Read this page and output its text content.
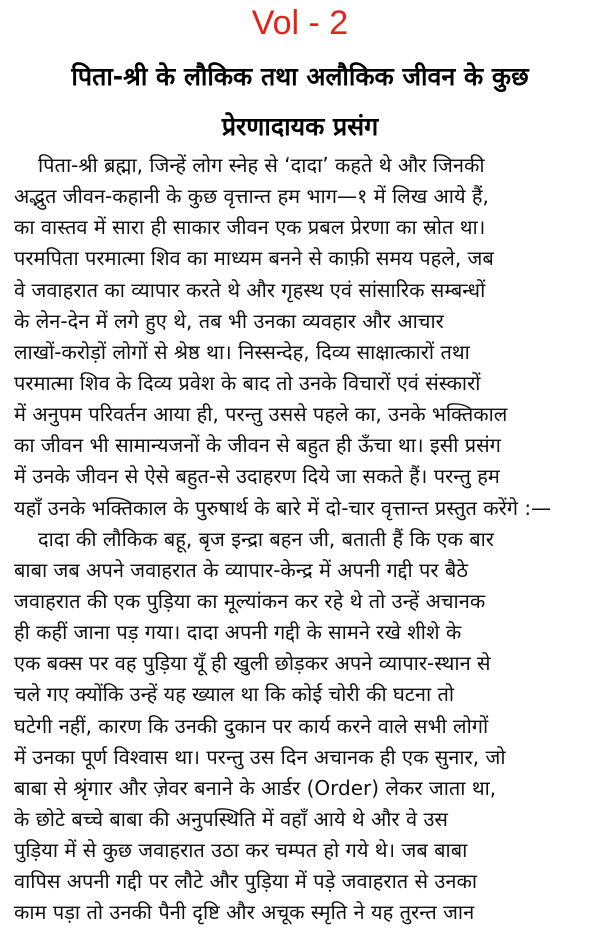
Vol - 2
पिता-श्री के लौकिक तथा अलौकिक जीवन के कुछ
प्रेरणादायक प्रसंग
पिता-श्री ब्रह्मा, जिन्हें लोग स्नेह से ‘दादा’ कहते थे और जिनकी
अद्भुत जीवन-कहानी के कुछ वृत्तान्त हम भाग—१ में लिख आये हैं,
का वास्तव में सारा ही साकार जीवन एक प्रबल प्रेरणा का स्रोत था।
परमपिता परमात्मा शिव का माध्यम बनने से काफ़ी समय पहले, जब
वे जवाहरात का व्यापार करते थे और गृहस्थ एवं सांसारिक सम्बन्धों
के लेन-देन में लगे हुए थे, तब भी उनका व्यवहार और आचार
लाखों-करोड़ों लोगों से श्रेष्ठ था। निस्सन्देह, दिव्य साक्षात्कारों तथा
परमात्मा शिव के दिव्य प्रवेश के बाद तो उनके विचारों एवं संस्कारों
में अनुपम परिवर्तन आया ही, परन्तु उससे पहले का, उनके भक्तिकाल
का जीवन भी सामान्यजनों के जीवन से बहुत ही ऊँचा था। इसी प्रसंग
में उनके जीवन से ऐसे बहुत-से उदाहरण दिये जा सकते हैं। परन्तु हम
यहाँ उनके भक्तिकाल के पुरुषार्थ के बारे में दो-चार वृत्तान्त प्रस्तुत करेंगे :—
दादा की लौकिक बहू, बृज इन्द्रा बहन जी, बताती हैं कि एक बार
बाबा जब अपने जवाहरात के व्यापार-केन्द्र में अपनी गद्दी पर बैठे
जवाहरात की एक पुड़िया का मूल्यांकन कर रहे थे तो उन्हें अचानक
ही कहीं जाना पड़ गया। दादा अपनी गद्दी के सामने रखे शीशे के
एक बक्स पर वह पुड़िया यूँ ही खुली छोड़कर अपने व्यापार-स्थान से
चले गए क्योंकि उन्हें यह ख्याल था कि कोई चोरी की घटना तो
घटेगी नहीं, कारण कि उनकी दुकान पर कार्य करने वाले सभी लोगों
में उनका पूर्ण विश्वास था। परन्तु उस दिन अचानक ही एक सुनार, जो
बाबा से श्रृंगार और ज़ेवर बनाने के आर्डर (Order) लेकर जाता था,
के छोटे बच्चे बाबा की अनुपस्थिति में वहाँ आये थे और वे उस
पुड़िया में से कुछ जवाहरात उठा कर चम्पत हो गये थे। जब बाबा
वापिस अपनी गद्दी पर लौटे और पुड़िया में पड़े जवाहरात से उनका
काम पड़ा तो उनकी पैनी दृष्टि और अचूक स्मृति ने यह तुरन्त जान
